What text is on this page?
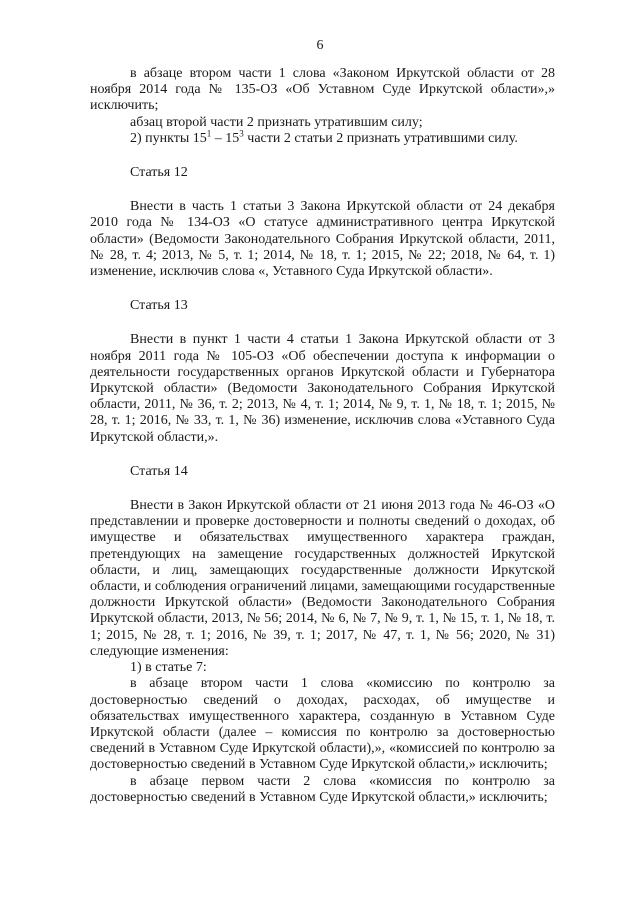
6

в абзаце втором части 1 слова «Законом Иркутской области от 28 ноября 2014 года № 135-ОЗ «Об Уставном Суде Иркутской области»,» исключить;

абзац второй части 2 признать утратившим силу;

2) пункты $15^1 - 15^3$ части 2 статьи 2 признать утратившими силу.

Статья 12

Внести в часть 1 статьи 3 Закона Иркутской области от 24 декабря 2010 года № 134-ОЗ «О статусе административного центра Иркутской области» (Ведомости Законодательного Собрания Иркутской области, 2011, № 28, т. 4; 2013, № 5, т. 1; 2014, № 18, т. 1; 2015, № 22; 2018, № 64, т. 1) изменение, исключив слова «, Уставного Суда Иркутской области».

Статья 13

Внести в пункт 1 части 4 статьи 1 Закона Иркутской области от 3 ноября 2011 года № 105-ОЗ «Об обеспечении доступа к информации о деятельности государственных органов Иркутской области и Губернатора Иркутской области» (Ведомости Законодательного Собрания Иркутской области, 2011, № 36, т. 2; 2013, № 4, т. 1; 2014, № 9, т. 1, № 18, т. 1; 2015, № 28, т. 1; 2016, № 33, т. 1, № 36) изменение, исключив слова «Уставного Суда Иркутской области,».

Статья 14

Внести в Закон Иркутской области от 21 июня 2013 года № 46-ОЗ «О представлении и проверке достоверности и полноты сведений о доходах, об имуществе и обязательствах имущественного характера граждан, претендующих на замещение государственных должностей Иркутской области, и лиц, замещающих государственные должности Иркутской области, и соблюдения ограничений лицами, замещающими государственные должности Иркутской области» (Ведомости Законодательного Собрания Иркутской области, 2013, № 56; 2014, № 6, № 7, № 9, т. 1, № 15, т. 1, № 18, т. 1; 2015, № 28, т. 1; 2016, № 39, т. 1; 2017, № 47, т. 1, № 56; 2020, № 31) следующие изменения:

1) в статье 7:

в абзаце втором части 1 слова «комиссию по контролю за достоверностью сведений о доходах, расходах, об имуществе и обязательствах имущественного характера, созданную в Уставном Суде Иркутской области (далее – комиссия по контролю за достоверностью сведений в Уставном Суде Иркутской области),», «комиссией по контролю за достоверностью сведений в Уставном Суде Иркутской области,» исключить;

в абзаце первом части 2 слова «комиссия по контролю за достоверностью сведений в Уставном Суде Иркутской области,» исключить;
